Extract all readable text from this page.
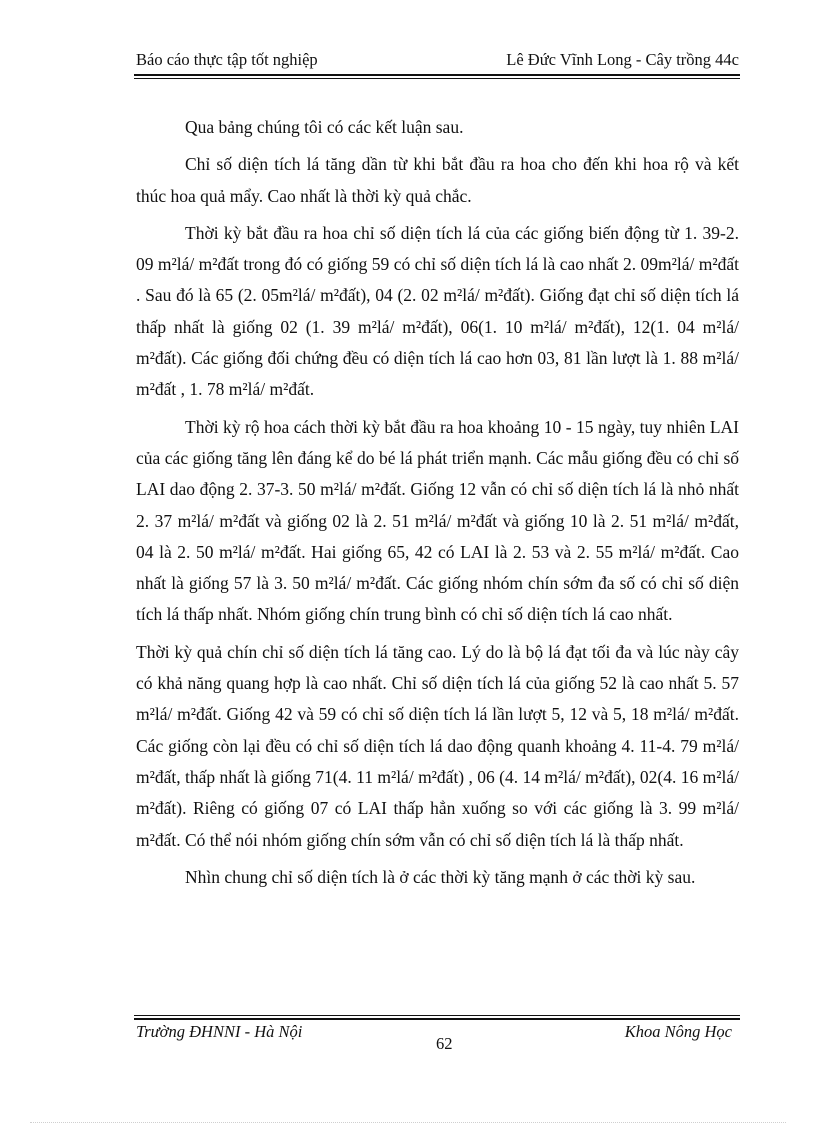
Báo cáo thực tập tốt nghiệp	Lê Đức Vĩnh Long - Cây trồng 44c

Qua bảng chúng tôi có các kết luận sau.

Chỉ số diện tích lá tăng dần từ khi bắt đầu ra hoa cho đến khi hoa rộ và kết thúc hoa quả mẩy. Cao nhất là thời kỳ quả chắc.

Thời kỳ bắt đầu ra hoa chỉ số diện tích lá của các giống biến động từ 1. 39-2. 09 m²lá/ m²đất trong đó có giống 59 có chỉ số diện tích lá là cao nhất 2. 09m²lá/ m²đất . Sau đó là 65 (2. 05m²lá/ m²đất), 04 (2. 02 m²lá/ m²đất). Giống đạt chỉ số diện tích lá thấp nhất là giống 02 (1. 39 m²lá/ m²đất), 06(1. 10 m²lá/ m²đất), 12(1. 04 m²lá/ m²đất). Các giống đối chứng đều có diện tích lá cao hơn 03, 81 lần lượt là 1. 88 m²lá/ m²đất , 1. 78 m²lá/ m²đất.

Thời kỳ rộ hoa cách thời kỳ bắt đầu ra hoa khoảng 10 - 15 ngày, tuy nhiên LAI của các giống tăng lên đáng kể do bé lá phát triển mạnh. Các mẫu giống đều có chỉ số LAI dao động 2. 37-3. 50 m²lá/ m²đất. Giống 12 vẫn có chỉ số diện tích lá là nhỏ nhất 2. 37 m²lá/ m²đất và giống 02 là 2. 51 m²lá/ m²đất và giống 10 là 2. 51 m²lá/ m²đất, 04 là 2. 50 m²lá/ m²đất. Hai giống 65, 42 có LAI là 2. 53 và 2. 55 m²lá/ m²đất. Cao nhất là giống 57 là 3. 50 m²lá/ m²đất. Các giống nhóm chín sớm đa số có chỉ số diện tích lá thấp nhất. Nhóm giống chín trung bình có chỉ số diện tích lá cao nhất.

Thời kỳ quả chín chỉ số diện tích lá tăng cao. Lý do là bộ lá đạt tối đa và lúc này cây có khả năng quang hợp là cao nhất. Chỉ số diện tích lá của giống 52 là cao nhất 5. 57 m²lá/ m²đất. Giống 42 và 59 có chỉ số diện tích lá lần lượt 5, 12 và 5, 18 m²lá/ m²đất. Các giống còn lại đều có chỉ số diện tích lá dao động quanh khoảng 4. 11-4. 79 m²lá/ m²đất, thấp nhất là giống 71(4. 11 m²lá/ m²đất) , 06 (4. 14 m²lá/ m²đất), 02(4. 16 m²lá/ m²đất). Riêng có giống 07 có LAI thấp hẳn xuống so với các giống là 3. 99 m²lá/ m²đất. Có thể nói nhóm giống chín sớm vẫn có chỉ số diện tích lá là thấp nhất.

Nhìn chung chỉ số diện tích là ở các thời kỳ tăng mạnh ở các thời kỳ sau.

Trường ĐHNNI - Hà Nội
62
Khoa Nông Học
